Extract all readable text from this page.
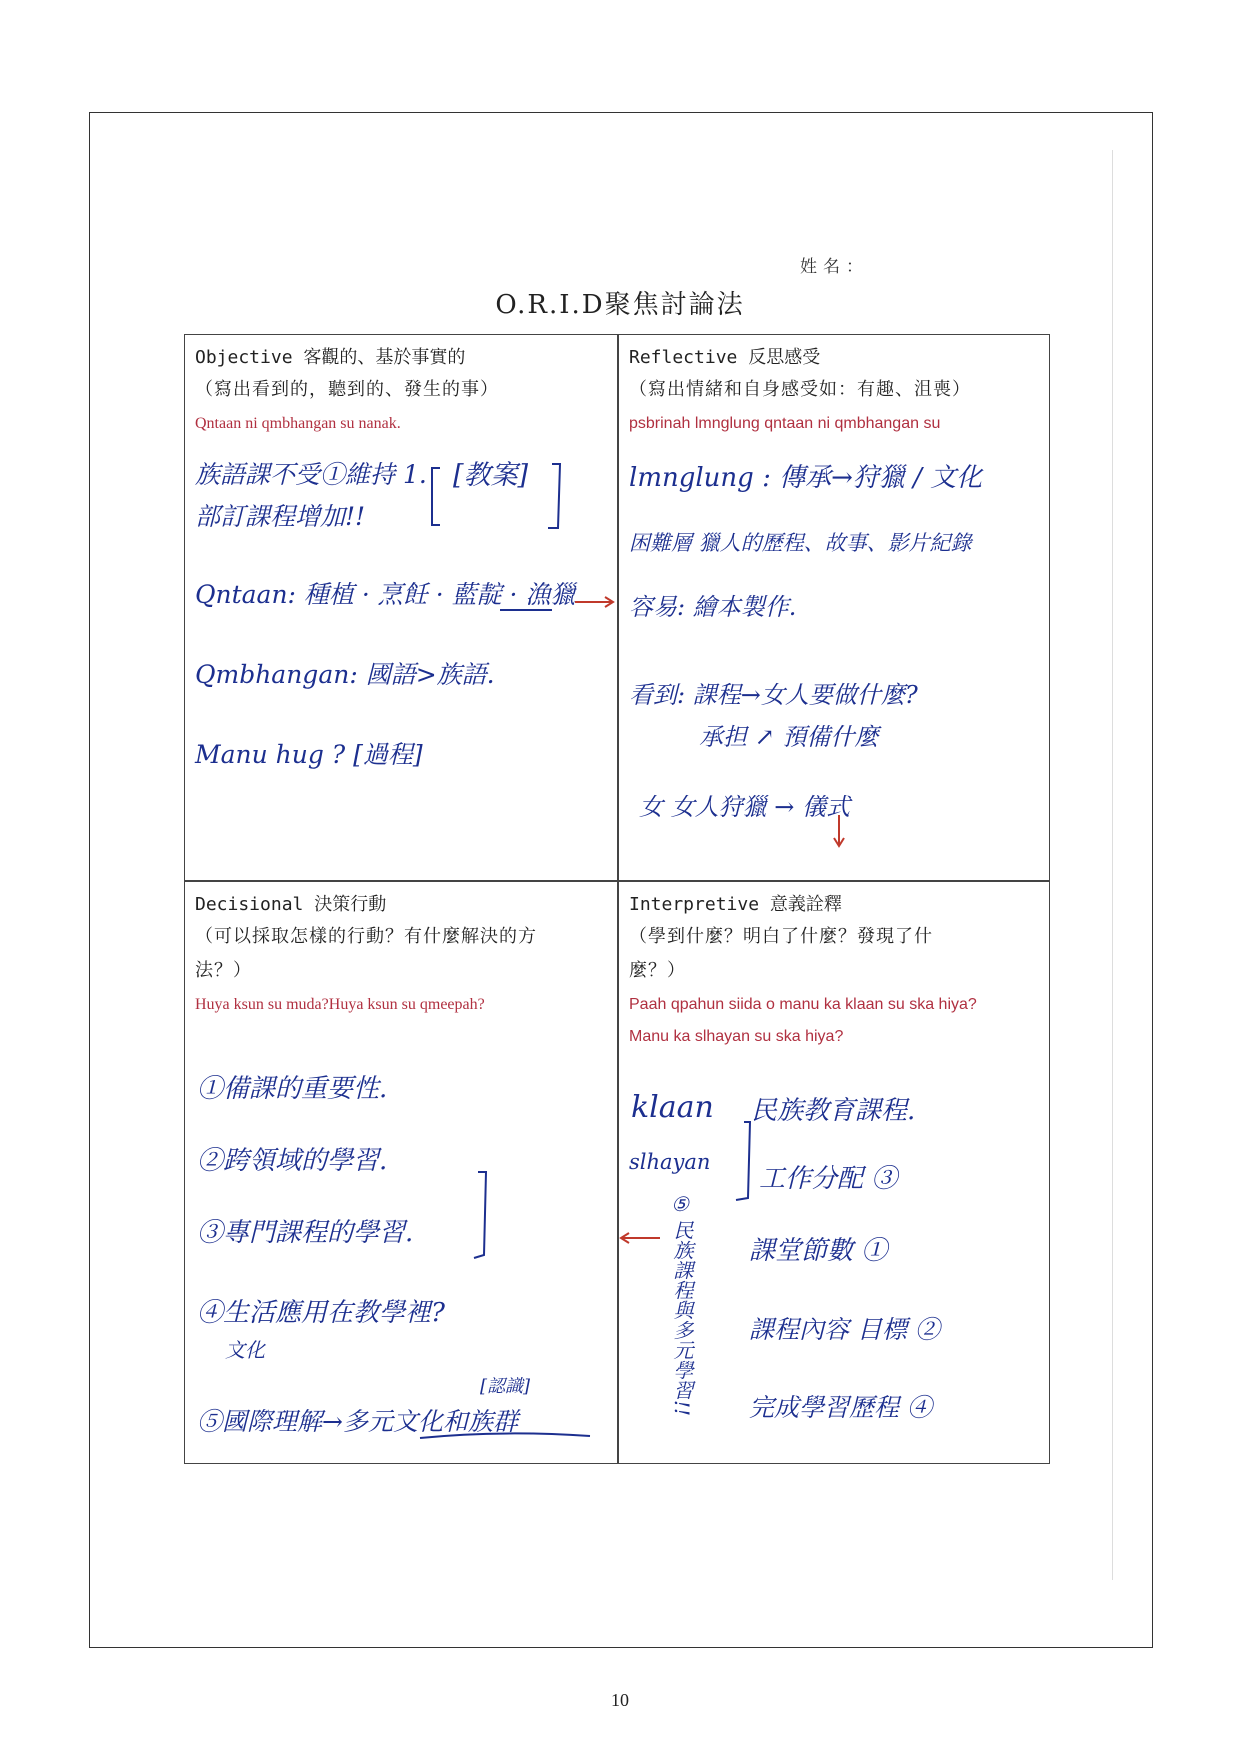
姓名：
O.R.I.D聚焦討論法
Objective 客觀的、基於事實的
（寫出看到的，聽到的、發生的事）
Qntaan ni qmbhangan su nanak.
族語課不受①維持 1. [教案]
部訂課程增加!!
Qntaan: 種植 · 烹飪 · 藍靛 · 漁獵
Qmbhangan: 國語>族語.
Manu hug ? [過程]
Reflective 反思感受
（寫出情緒和自身感受如：有趣、沮喪）
psbrinah lmnglung qntaan ni qmbhangan su
lmnglung : 傳承→狩獵 / 文化
困難層 獵人的歷程、故事、影片紀錄
容易: 繪本製作.
看到: 課程→女人要做什麼?
承担 ↗ 預備什麼
女 女人狩獵 → 儀式
Decisional 決策行動
（可以採取怎樣的行動？有什麼解決的方
法？）
Huya ksun su muda?Huya ksun su qmeepah?
①備課的重要性.
②跨領域的學習.
③專門課程的學習.
④生活應用在教學裡?
文化
[認識]
⑤國際理解→多元文化和族群
Interpretive 意義詮釋
（學到什麼？明白了什麼？發現了什
麼？）
Paah qpahun siida o manu ka klaan su ska hiya?
Manu ka slhayan su ska hiya?
klaan
slhayan
民族教育課程.
工作分配 ③
課堂節數 ①
課程內容 目標 ②
完成學習歷程 ④
⑤
民族課程與多元學習!!
10
